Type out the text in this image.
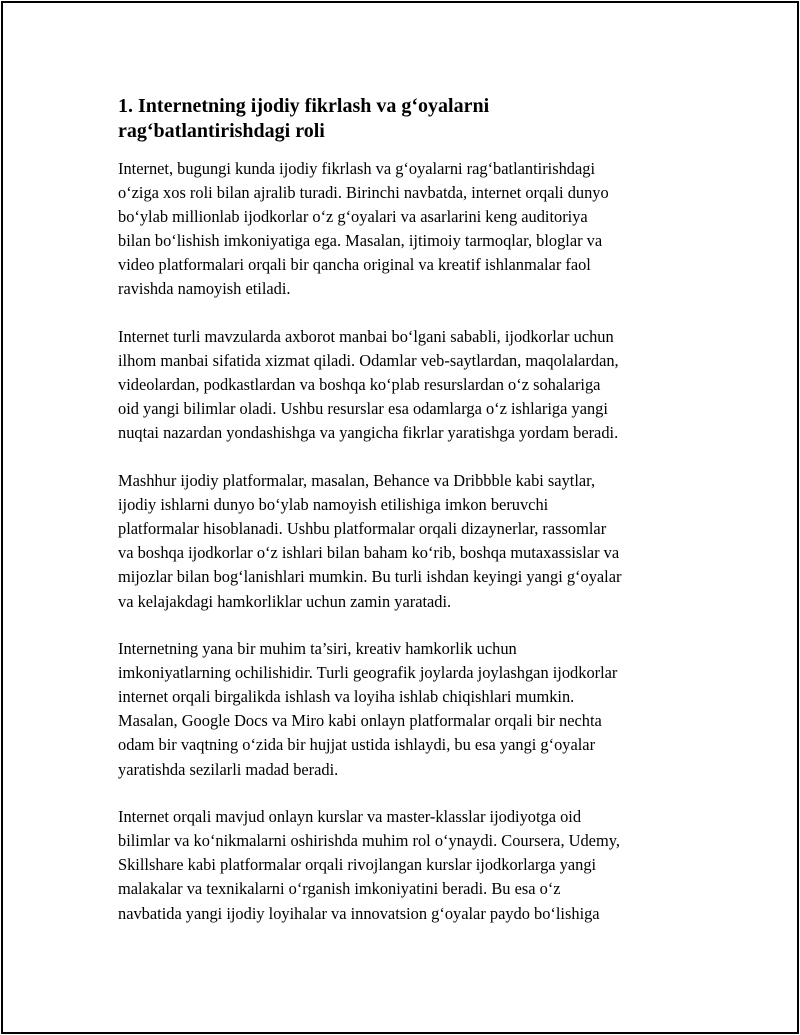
1. Internetning ijodiy fikrlash va g‘oyalarni
rag‘batlantirishdagi roli

Internet, bugungi kunda ijodiy fikrlash va g‘oyalarni rag‘batlantirishdagi
o‘ziga xos roli bilan ajralib turadi. Birinchi navbatda, internet orqali dunyo
bo‘ylab millionlab ijodkorlar o‘z g‘oyalari va asarlarini keng auditoriya
bilan bo‘lishish imkoniyatiga ega. Masalan, ijtimoiy tarmoqlar, bloglar va
video platformalari orqali bir qancha original va kreatif ishlanmalar faol
ravishda namoyish etiladi.

Internet turli mavzularda axborot manbai bo‘lgani sababli, ijodkorlar uchun
ilhom manbai sifatida xizmat qiladi. Odamlar veb-saytlardan, maqolalardan,
videolardan, podkastlardan va boshqa ko‘plab resurslardan o‘z sohalariga
oid yangi bilimlar oladi. Ushbu resurslar esa odamlarga o‘z ishlariga yangi
nuqtai nazardan yondashishga va yangicha fikrlar yaratishga yordam beradi.

Mashhur ijodiy platformalar, masalan, Behance va Dribbble kabi saytlar,
ijodiy ishlarni dunyo bo‘ylab namoyish etilishiga imkon beruvchi
platformalar hisoblanadi. Ushbu platformalar orqali dizaynerlar, rassomlar
va boshqa ijodkorlar o‘z ishlari bilan baham ko‘rib, boshqa mutaxassislar va
mijozlar bilan bog‘lanishlari mumkin. Bu turli ishdan keyingi yangi g‘oyalar
va kelajakdagi hamkorliklar uchun zamin yaratadi.

Internetning yana bir muhim ta’siri, kreativ hamkorlik uchun
imkoniyatlarning ochilishidir. Turli geografik joylarda joylashgan ijodkorlar
internet orqali birgalikda ishlash va loyiha ishlab chiqishlari mumkin.
Masalan, Google Docs va Miro kabi onlayn platformalar orqali bir nechta
odam bir vaqtning o‘zida bir hujjat ustida ishlaydi, bu esa yangi g‘oyalar
yaratishda sezilarli madad beradi.

Internet orqali mavjud onlayn kurslar va master-klasslar ijodiyotga oid
bilimlar va ko‘nikmalarni oshirishda muhim rol o‘ynaydi. Coursera, Udemy,
Skillshare kabi platformalar orqali rivojlangan kurslar ijodkorlarga yangi
malakalar va texnikalarni o‘rganish imkoniyatini beradi. Bu esa o‘z
navbatida yangi ijodiy loyihalar va innovatsion g‘oyalar paydo bo‘lishiga
